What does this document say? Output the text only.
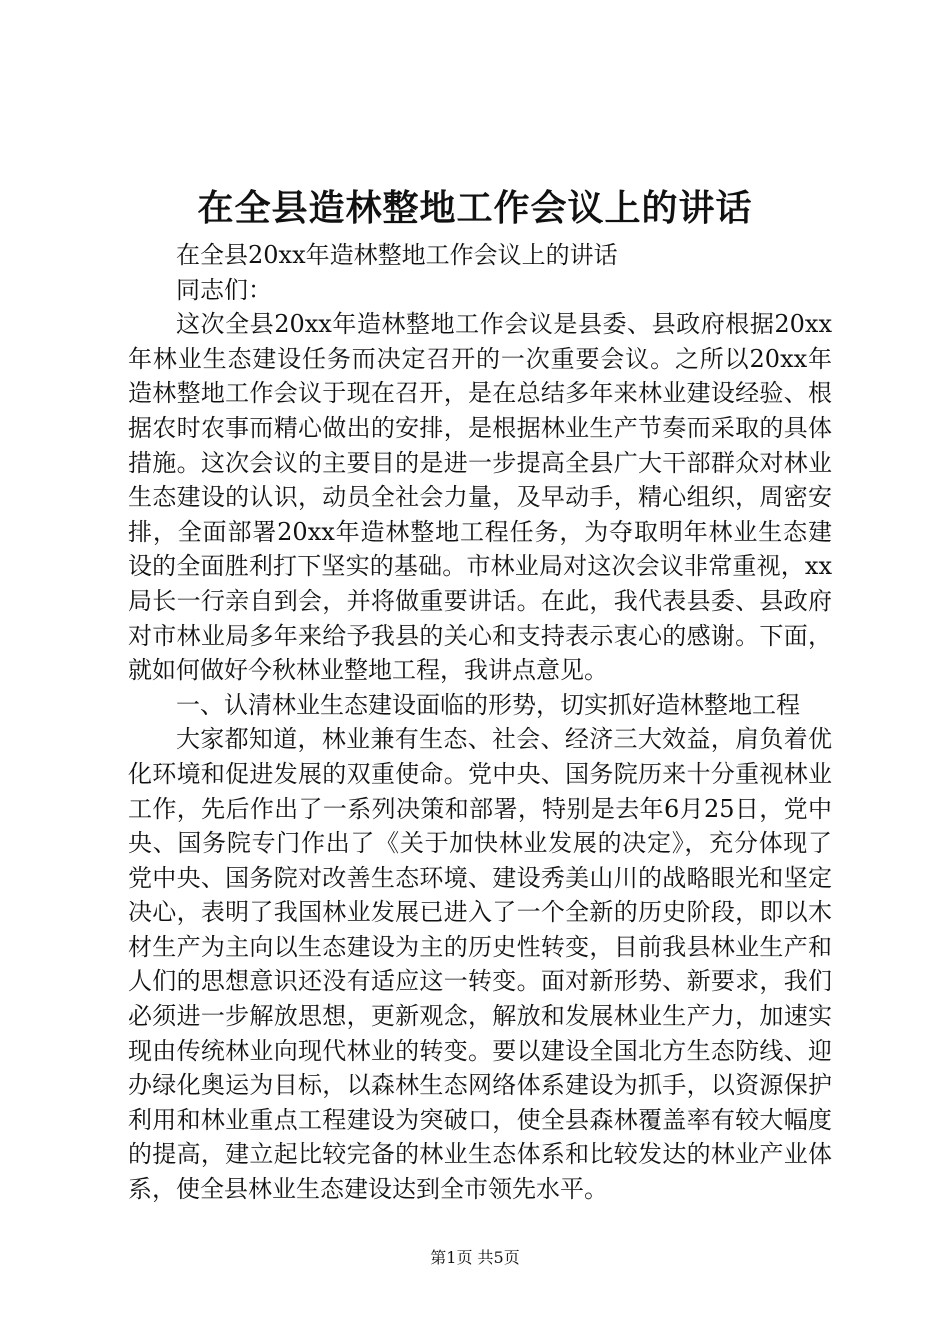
在全县造林整地工作会议上的讲话

在全县20xx年造林整地工作会议上的讲话

同志们：

这次全县20xx年造林整地工作会议是县委、县政府根据20xx年林业生态建设任务而决定召开的一次重要会议。之所以20xx年造林整地工作会议于现在召开，是在总结多年来林业建设经验、根据农时农事而精心做出的安排，是根据林业生产节奏而采取的具体措施。这次会议的主要目的是进一步提高全县广大干部群众对林业生态建设的认识，动员全社会力量，及早动手，精心组织，周密安排，全面部署20xx年造林整地工程任务，为夺取明年林业生态建设的全面胜利打下坚实的基础。市林业局对这次会议非常重视，xx局长一行亲自到会，并将做重要讲话。在此，我代表县委、县政府对市林业局多年来给予我县的关心和支持表示衷心的感谢。下面，就如何做好今秋林业整地工程，我讲点意见。

一、认清林业生态建设面临的形势，切实抓好造林整地工程

大家都知道，林业兼有生态、社会、经济三大效益，肩负着优化环境和促进发展的双重使命。党中央、国务院历来十分重视林业工作，先后作出了一系列决策和部署，特别是去年6月25日，党中央、国务院专门作出了《关于加快林业发展的决定》，充分体现了党中央、国务院对改善生态环境、建设秀美山川的战略眼光和坚定决心，表明了我国林业发展已进入了一个全新的历史阶段，即以木材生产为主向以生态建设为主的历史性转变，目前我县林业生产和人们的思想意识还没有适应这一转变。面对新形势、新要求，我们必须进一步解放思想，更新观念，解放和发展林业生产力，加速实现由传统林业向现代林业的转变。要以建设全国北方生态防线、迎办绿化奥运为目标，以森林生态网络体系建设为抓手，以资源保护利用和林业重点工程建设为突破口，使全县森林覆盖率有较大幅度的提高，建立起比较完备的林业生态体系和比较发达的林业产业体系，使全县林业生态建设达到全市领先水平。

第1页 共5页
